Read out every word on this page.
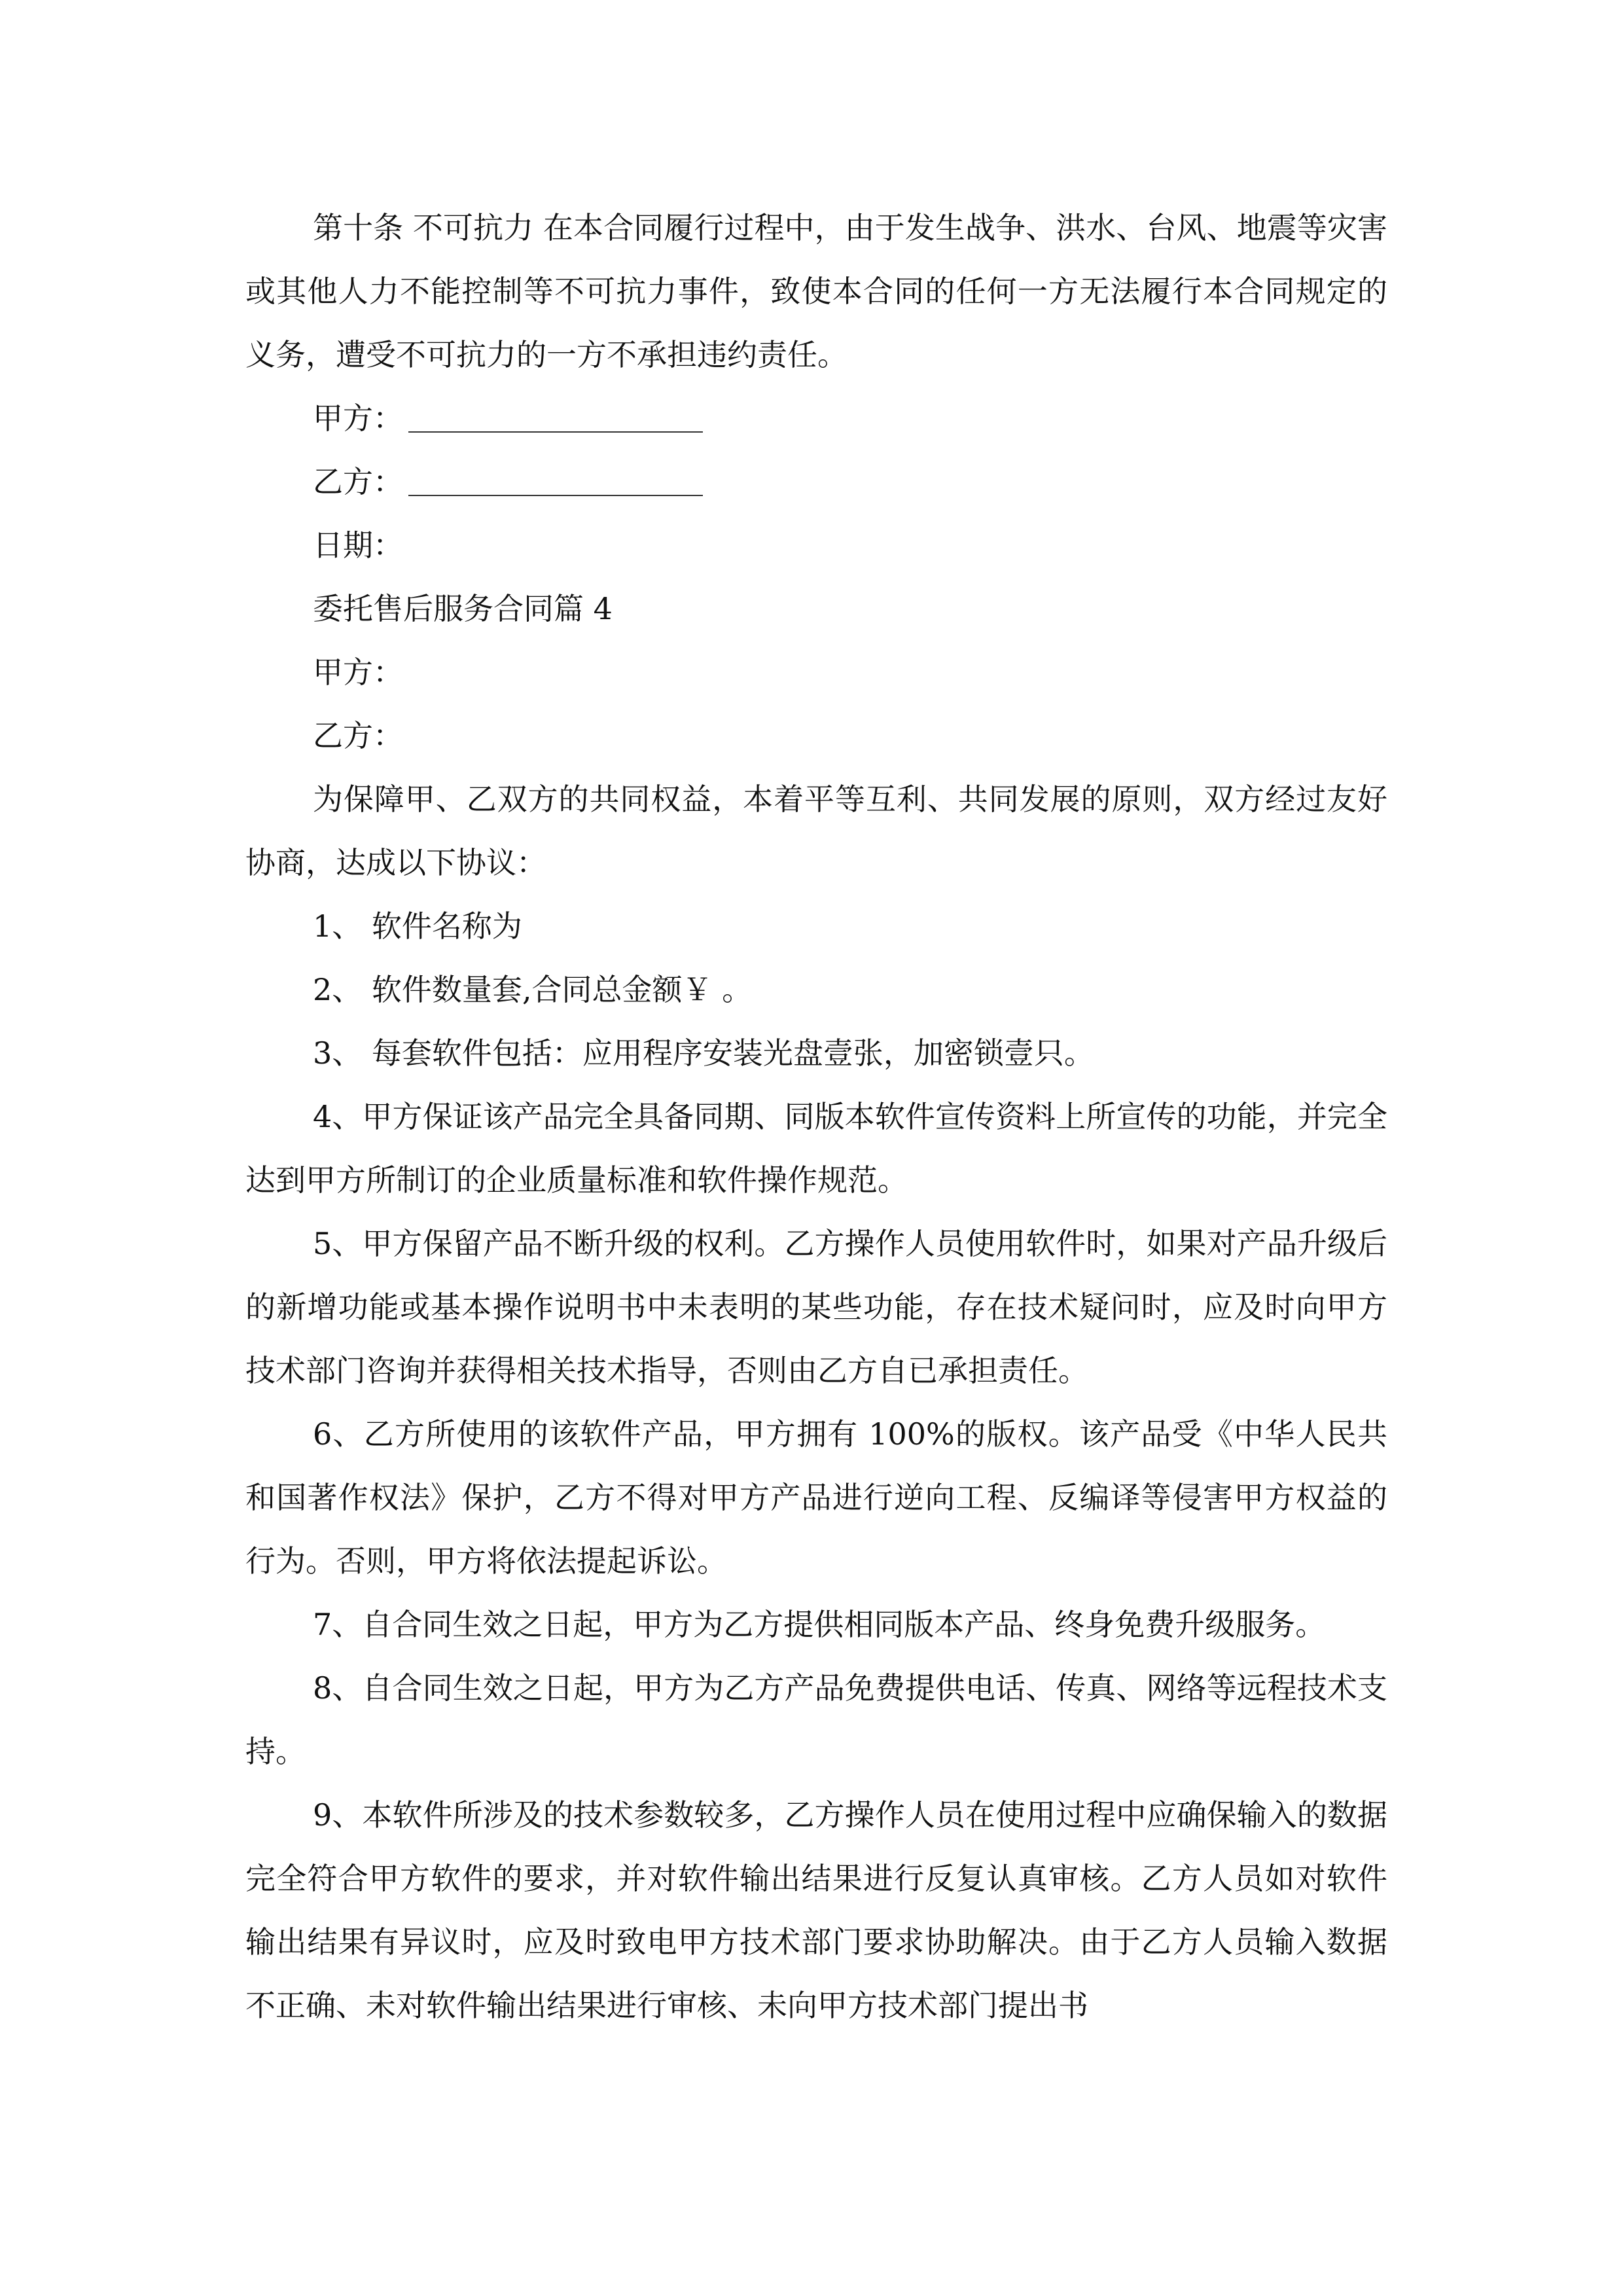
第十条 不可抗力 在本合同履行过程中，由于发生战争、洪水、台风、地震等灾害或其他人力不能控制等不可抗力事件，致使本合同的任何一方无法履行本合同规定的义务，遭受不可抗力的一方不承担违约责任。

甲方：

乙方：

日期：

委托售后服务合同篇 4

甲方：

乙方：

为保障甲、乙双方的共同权益，本着平等互利、共同发展的原则，双方经过友好协商，达成以下协议：

1、 软件名称为

2、 软件数量套,合同总金额￥ 。

3、 每套软件包括：应用程序安装光盘壹张，加密锁壹只。

4、甲方保证该产品完全具备同期、同版本软件宣传资料上所宣传的功能，并完全达到甲方所制订的企业质量标准和软件操作规范。

5、甲方保留产品不断升级的权利。乙方操作人员使用软件时，如果对产品升级后的新增功能或基本操作说明书中未表明的某些功能，存在技术疑问时，应及时向甲方技术部门咨询并获得相关技术指导，否则由乙方自已承担责任。

6、乙方所使用的该软件产品，甲方拥有 100%的版权。该产品受《中华人民共和国著作权法》保护，乙方不得对甲方产品进行逆向工程、反编译等侵害甲方权益的行为。否则，甲方将依法提起诉讼。

7、自合同生效之日起，甲方为乙方提供相同版本产品、终身免费升级服务。

8、自合同生效之日起，甲方为乙方产品免费提供电话、传真、网络等远程技术支持。

9、本软件所涉及的技术参数较多，乙方操作人员在使用过程中应确保输入的数据完全符合甲方软件的要求，并对软件输出结果进行反复认真审核。乙方人员如对软件输出结果有异议时，应及时致电甲方技术部门要求协助解决。由于乙方人员输入数据不正确、未对软件输出结果进行审核、未向甲方技术部门提出书
